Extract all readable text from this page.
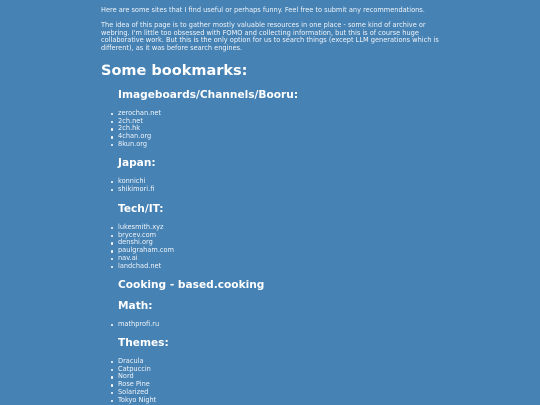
Here are some sites that I find useful or perhaps funny. Feel free to submit any recommendations.

The idea of this page is to gather mostly valuable resources in one place - some kind of archive or webring. I'm little too obsessed with FOMO and collecting information, but this is of course huge collaborative work. But this is the only option for us to search things (except LLM generations which is different), as it was before search engines.

Some bookmarks:
Imageboards/Channels/Booru:
zerochan.net
2ch.net
2ch.hk
4chan.org
8kun.org
Japan:
konnichi
shikimori.fi
Tech/IT:
lukesmith.xyz
brycev.com
denshi.org
paulgraham.com
nav.ai
landchad.net
Cooking - based.cooking
Math:
mathprofi.ru
Themes:
Dracula
Catpuccin
Nord
Rose Pine
Solarized
Tokyo Night
